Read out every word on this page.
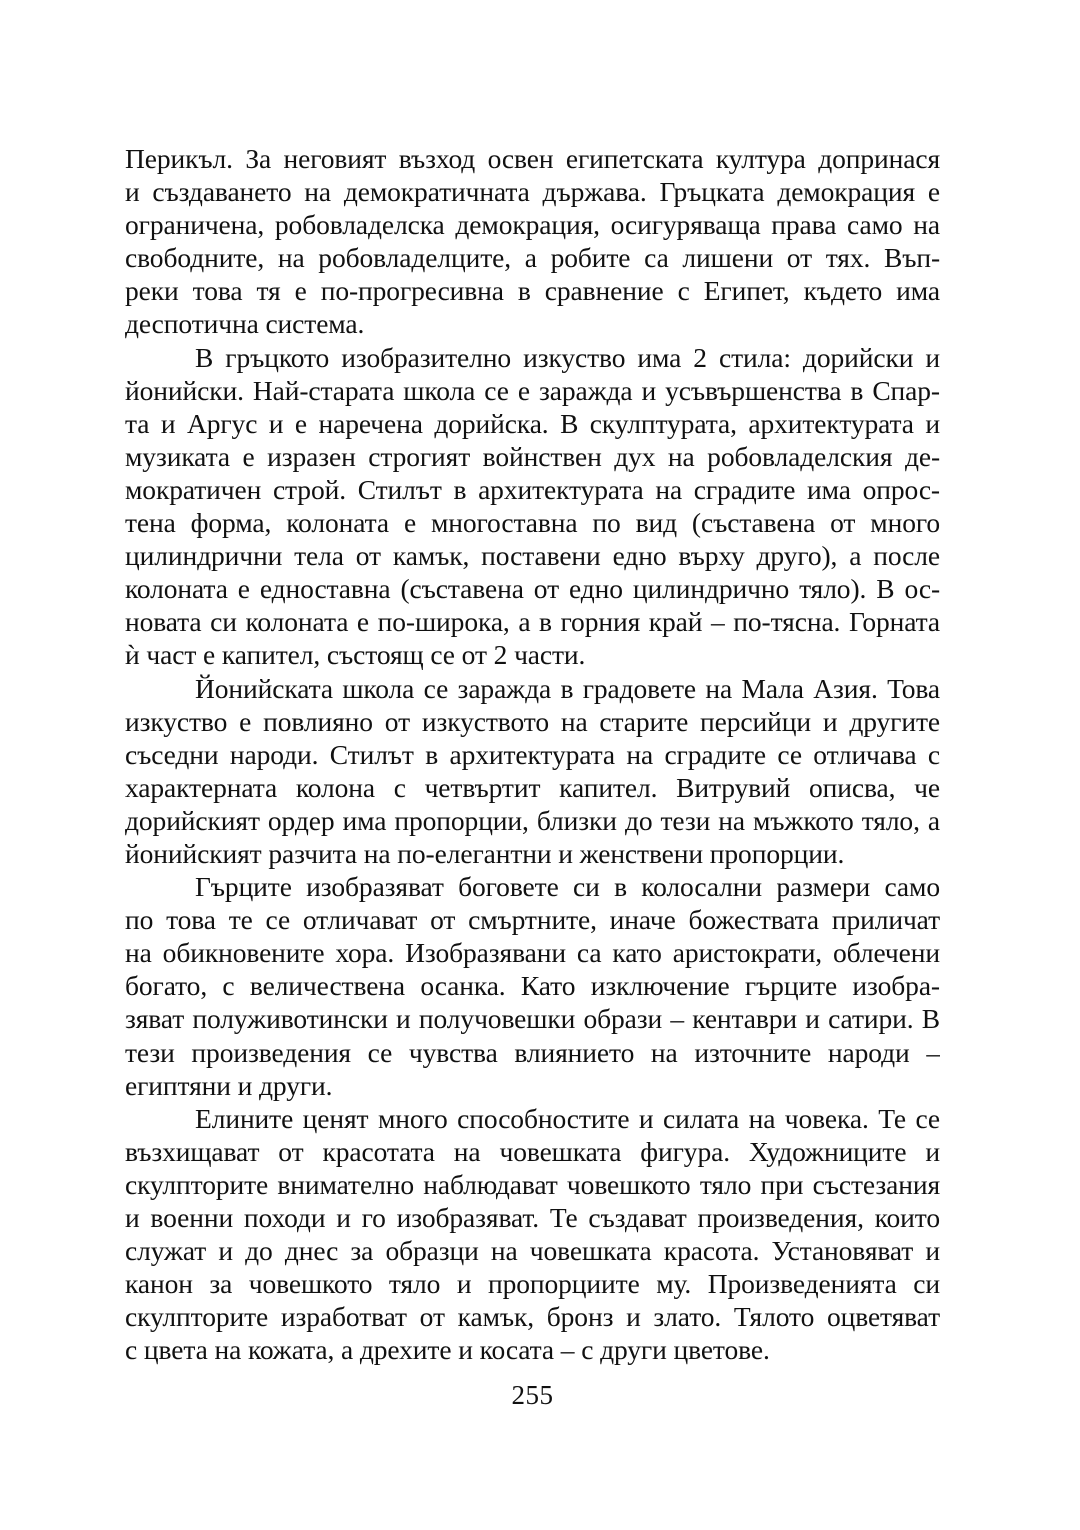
Перикъл. За неговият възход освен египетската култура допринася
и създаването на демократичната държава. Гръцката демокрация е
ограничена, робовладелска демокрация, осигуряваща права само на
свободните, на робовладелците, а робите са лишени от тях. Въп-
реки това тя е по-прогресивна в сравнение с Египет, където има
деспотична система.
В гръцкото изобразително изкуство има 2 стила: дорийски и
йонийски. Най-старата школа се е заражда и усъвършенства в Спар-
та и Аргус и е наречена дорийска. В скулптурата, архитектурата и
музиката е изразен строгият войнствен дух на робовладелския де-
мократичен строй. Стилът в архитектурата на сградите има опрос-
тена форма, колоната е многоставна по вид (съставена от много
цилиндрични тела от камък, поставени едно върху друго), а после
колоната е едноставна (съставена от едно цилиндрично тяло). В ос-
новата си колоната е по-широка, а в горния край – по-тясна. Горната
ѝ част е капител, състоящ се от 2 части.
Йонийската школа се заражда в градовете на Мала Азия. Това
изкуство е повлияно от изкуството на старите персийци и другите
съседни народи. Стилът в архитектурата на сградите се отличава с
характерната колона с четвъртит капител. Витрувий описва, че
дорийският ордер има пропорции, близки до тези на мъжкото тяло, а
йонийският разчита на по-елегантни и женствени пропорции.
Гърците изобразяват боговете си в колосални размери само
по това те се отличават от смъртните, иначе божествата приличат
на обикновените хора. Изобразявани са като аристократи, облечени
богато, с величествена осанка. Като изключение гърците изобра-
зяват полуживотински и получовешки образи – кентаври и сатири. В
тези произведения се чувства влиянието на източните народи –
египтяни и други.
Елините ценят много способностите и силата на човека. Те се
възхищават от красотата на човешката фигура. Художниците и
скулпторите внимателно наблюдават човешкото тяло при състезания
и военни походи и го изобразяват. Те създават произведения, които
служат и до днес за образци на човешката красота. Установяват и
канон за човешкото тяло и пропорциите му. Произведенията си
скулпторите изработват от камък, бронз и злато. Тялото оцветяват
с цвета на кожата, а дрехите и косата – с други цветове.
255
